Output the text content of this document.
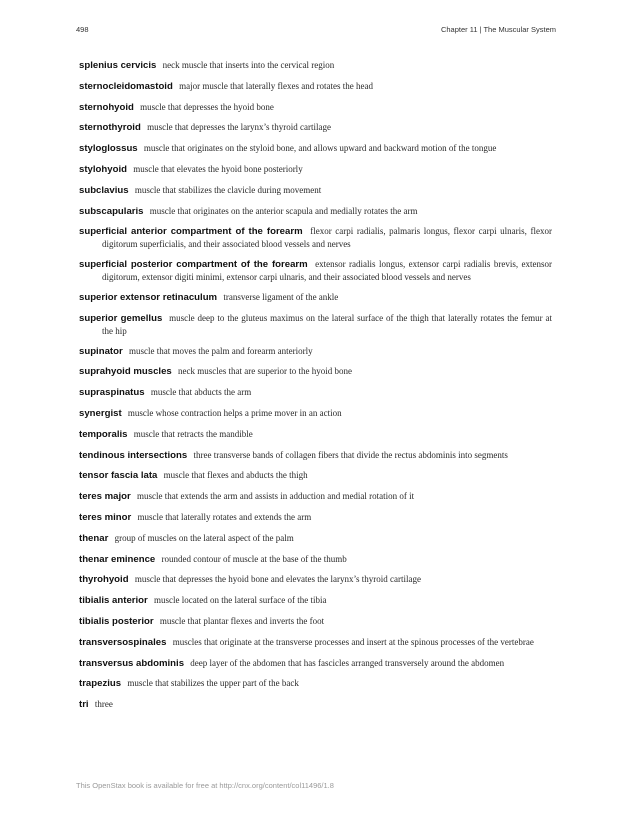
498	Chapter 11 | The Muscular System

splenius cervicis neck muscle that inserts into the cervical region

sternocleidomastoid major muscle that laterally flexes and rotates the head

sternohyoid muscle that depresses the hyoid bone

sternothyroid muscle that depresses the larynx’s thyroid cartilage

styloglossus muscle that originates on the styloid bone, and allows upward and backward motion of the tongue

stylohyoid muscle that elevates the hyoid bone posteriorly

subclavius muscle that stabilizes the clavicle during movement

subscapularis muscle that originates on the anterior scapula and medially rotates the arm

superficial anterior compartment of the forearm flexor carpi radialis, palmaris longus, flexor carpi ulnaris, flexor digitorum superficialis, and their associated blood vessels and nerves

superficial posterior compartment of the forearm extensor radialis longus, extensor carpi radialis brevis, extensor digitorum, extensor digiti minimi, extensor carpi ulnaris, and their associated blood vessels and nerves

superior extensor retinaculum transverse ligament of the ankle

superior gemellus muscle deep to the gluteus maximus on the lateral surface of the thigh that laterally rotates the femur at the hip

supinator muscle that moves the palm and forearm anteriorly

suprahyoid muscles neck muscles that are superior to the hyoid bone

supraspinatus muscle that abducts the arm

synergist muscle whose contraction helps a prime mover in an action

temporalis muscle that retracts the mandible

tendinous intersections three transverse bands of collagen fibers that divide the rectus abdominis into segments

tensor fascia lata muscle that flexes and abducts the thigh

teres major muscle that extends the arm and assists in adduction and medial rotation of it

teres minor muscle that laterally rotates and extends the arm

thenar group of muscles on the lateral aspect of the palm

thenar eminence rounded contour of muscle at the base of the thumb

thyrohyoid muscle that depresses the hyoid bone and elevates the larynx’s thyroid cartilage

tibialis anterior muscle located on the lateral surface of the tibia

tibialis posterior muscle that plantar flexes and inverts the foot

transversospinales muscles that originate at the transverse processes and insert at the spinous processes of the vertebrae

transversus abdominis deep layer of the abdomen that has fascicles arranged transversely around the abdomen

trapezius muscle that stabilizes the upper part of the back

tri three

This OpenStax book is available for free at http://cnx.org/content/col11496/1.8
